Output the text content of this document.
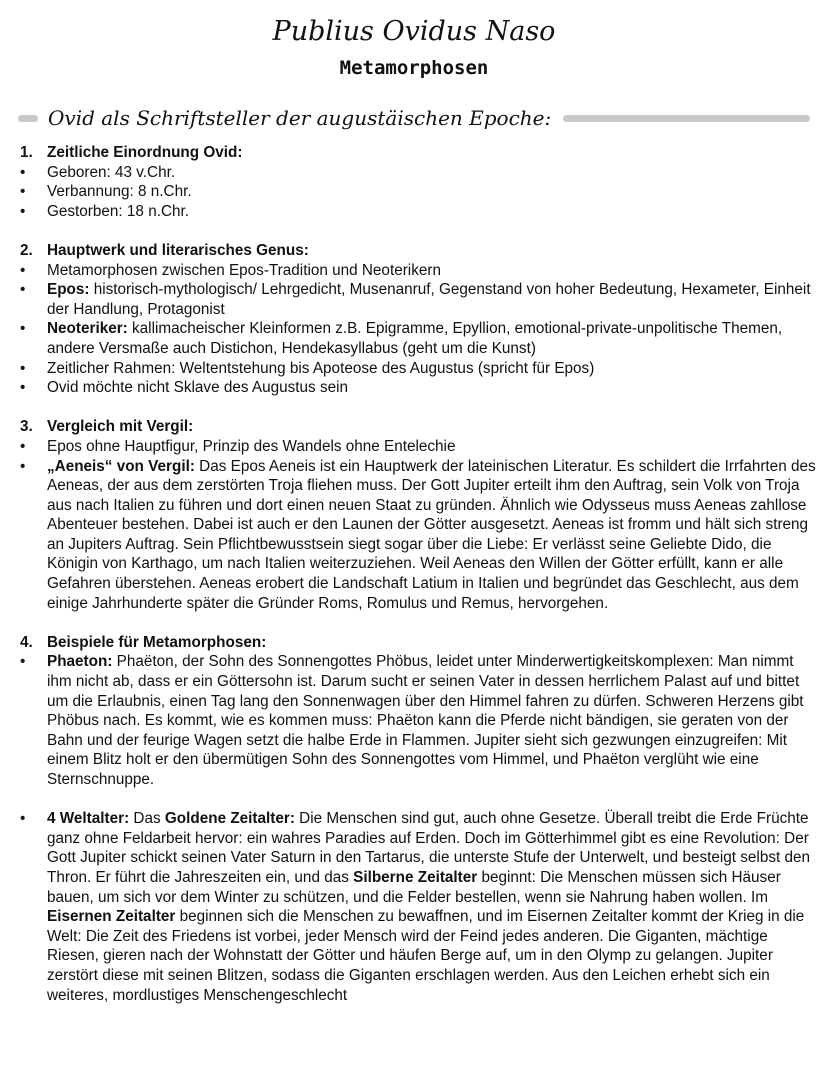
Publius Ovidus Naso
Metamorphosen
Ovid als Schriftsteller der augustäischen Epoche:
1. Zeitliche Einordnung Ovid:
•	Geboren: 43 v.Chr.
•	Verbannung: 8 n.Chr.
•	Gestorben: 18 n.Chr.
2. Hauptwerk und literarisches Genus:
•	Metamorphosen zwischen Epos-Tradition und Neoterikern
•	Epos: historisch-mythologisch/ Lehrgedicht, Musenanruf, Gegenstand von hoher Bedeutung, Hexameter, Einheit der Handlung, Protagonist
•	Neoteriker: kallimacheischer Kleinformen z.B. Epigramme, Epyllion, emotional-private-unpolitische Themen, andere Versmaße auch Distichon, Hendekasyllabus (geht um die Kunst)
•	Zeitlicher Rahmen: Weltentstehung bis Apoteose des Augustus (spricht für Epos)
•	Ovid möchte nicht Sklave des Augustus sein
3. Vergleich mit Vergil:
•	Epos ohne Hauptfigur, Prinzip des Wandels ohne Entelechie
•	„Aeneis“ von Vergil: Das Epos Aeneis ist ein Hauptwerk der lateinischen Literatur. Es schildert die Irrfahrten des Aeneas, der aus dem zerstörten Troja fliehen muss. Der Gott Jupiter erteilt ihm den Auftrag, sein Volk von Troja aus nach Italien zu führen und dort einen neuen Staat zu gründen. Ähnlich wie Odysseus muss Aeneas zahllose Abenteuer bestehen. Dabei ist auch er den Launen der Götter ausgesetzt. Aeneas ist fromm und hält sich streng an Jupiters Auftrag. Sein Pflichtbewusstsein siegt sogar über die Liebe: Er verlässt seine Geliebte Dido, die Königin von Karthago, um nach Italien weiterzuziehen. Weil Aeneas den Willen der Götter erfüllt, kann er alle Gefahren überstehen. Aeneas erobert die Landschaft Latium in Italien und begründet das Geschlecht, aus dem einige Jahrhunderte später die Gründer Roms, Romulus und Remus, hervorgehen.
4. Beispiele für Metamorphosen:
•	Phaeton: Phaëton, der Sohn des Sonnengottes Phöbus, leidet unter Minderwertigkeitskomplexen: Man nimmt ihm nicht ab, dass er ein Göttersohn ist. Darum sucht er seinen Vater in dessen herrlichem Palast auf und bittet um die Erlaubnis, einen Tag lang den Sonnenwagen über den Himmel fahren zu dürfen. Schweren Herzens gibt Phöbus nach. Es kommt, wie es kommen muss: Phaëton kann die Pferde nicht bändigen, sie geraten von der Bahn und der feurige Wagen setzt die halbe Erde in Flammen. Jupiter sieht sich gezwungen einzugreifen: Mit einem Blitz holt er den übermütigen Sohn des Sonnengottes vom Himmel, und Phaëton verglüht wie eine Sternschnuppe.
•	4 Weltalter: Das Goldene Zeitalter: Die Menschen sind gut, auch ohne Gesetze. Überall treibt die Erde Früchte ganz ohne Feldarbeit hervor: ein wahres Paradies auf Erden. Doch im Götterhimmel gibt es eine Revolution: Der Gott Jupiter schickt seinen Vater Saturn in den Tartarus, die unterste Stufe der Unterwelt, und besteigt selbst den Thron. Er führt die Jahreszeiten ein, und das Silberne Zeitalter beginnt: Die Menschen müssen sich Häuser bauen, um sich vor dem Winter zu schützen, und die Felder bestellen, wenn sie Nahrung haben wollen. Im Eisernen Zeitalter beginnen sich die Menschen zu bewaffnen, und im Eisernen Zeitalter kommt der Krieg in die Welt: Die Zeit des Friedens ist vorbei, jeder Mensch wird der Feind jedes anderen. Die Giganten, mächtige Riesen, gieren nach der Wohnstatt der Götter und häufen Berge auf, um in den Olymp zu gelangen. Jupiter zerstört diese mit seinen Blitzen, sodass die Giganten erschlagen werden. Aus den Leichen erhebt sich ein weiteres, mordlustiges Menschengeschlecht
